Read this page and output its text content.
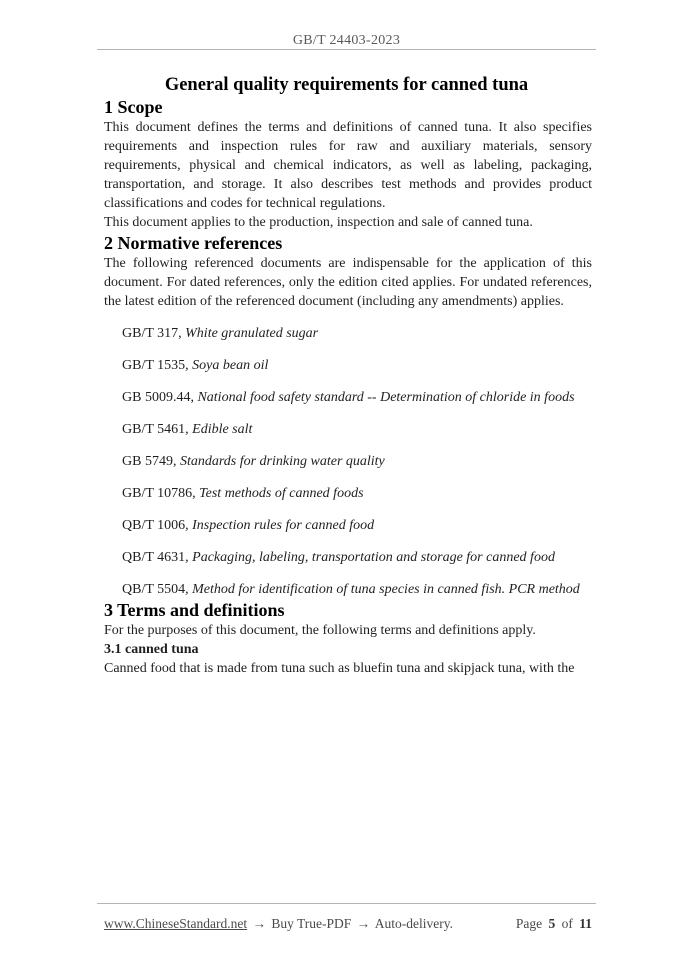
GB/T 24403-2023
General quality requirements for canned tuna
1 Scope

This document defines the terms and definitions of canned tuna. It also specifies requirements and inspection rules for raw and auxiliary materials, sensory requirements, physical and chemical indicators, as well as labeling, packaging, transportation, and storage. It also describes test methods and provides product classifications and codes for technical regulations.

This document applies to the production, inspection and sale of canned tuna.

2 Normative references

The following referenced documents are indispensable for the application of this document. For dated references, only the edition cited applies. For undated references, the latest edition of the referenced document (including any amendments) applies.

GB/T 317, White granulated sugar
GB/T 1535, Soya bean oil
GB 5009.44, National food safety standard -- Determination of chloride in foods
GB/T 5461, Edible salt
GB 5749, Standards for drinking water quality
GB/T 10786, Test methods of canned foods
QB/T 1006, Inspection rules for canned food
QB/T 4631, Packaging, labeling, transportation and storage for canned food
QB/T 5504, Method for identification of tuna species in canned fish. PCR method
3 Terms and definitions

For the purposes of this document, the following terms and definitions apply.

3.1 canned tuna

Canned food that is made from tuna such as bluefin tuna and skipjack tuna, with the

www.ChineseStandard.net → Buy True-PDF → Auto-delivery.	Page 5 of 11
